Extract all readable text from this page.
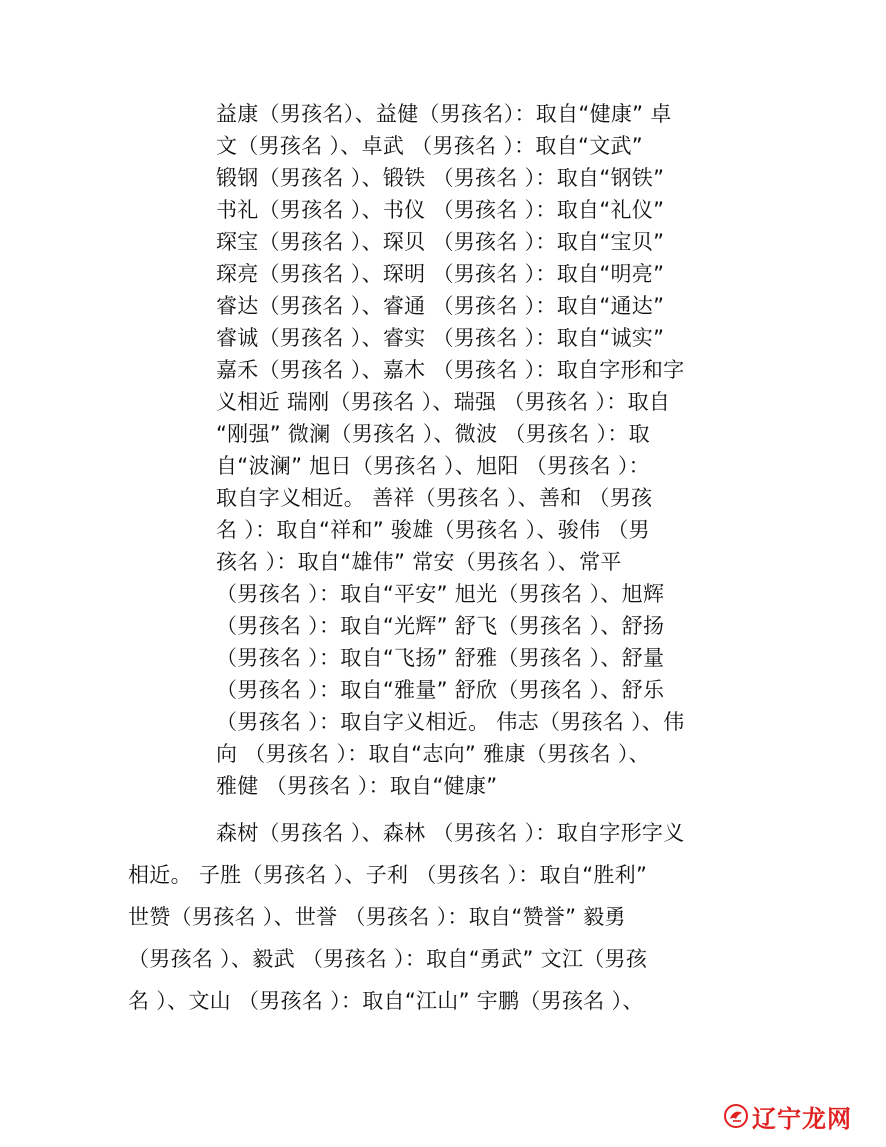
益康（男孩名）、益健（男孩名）：取自“健康” 卓
文（男孩名 ）、卓武 （男孩名 ）：取自“文武”
锻钢（男孩名 ）、锻铁 （男孩名 ）：取自“钢铁”
书礼（男孩名 ）、书仪 （男孩名 ）：取自“礼仪”
琛宝（男孩名 ）、琛贝 （男孩名 ）：取自“宝贝”
琛亮（男孩名 ）、琛明 （男孩名 ）：取自“明亮”
睿达（男孩名 ）、睿通 （男孩名 ）：取自“通达”
睿诚（男孩名 ）、睿实 （男孩名 ）：取自“诚实”
嘉禾（男孩名 ）、嘉木 （男孩名 ）：取自字形和字
义相近 瑞刚（男孩名 ）、瑞强 （男孩名 ）：取自
“刚强” 微澜（男孩名 ）、微波 （男孩名 ）：取
自“波澜” 旭日（男孩名 ）、旭阳 （男孩名 ）：
取自字义相近。 善祥（男孩名 ）、善和 （男孩
名 ）：取自“祥和” 骏雄（男孩名 ）、骏伟 （男
孩名 ）：取自“雄伟” 常安（男孩名 ）、常平
（男孩名 ）：取自“平安” 旭光（男孩名 ）、旭辉
（男孩名 ）：取自“光辉” 舒飞（男孩名 ）、舒扬
（男孩名 ）：取自“飞扬” 舒雅（男孩名 ）、舒量
（男孩名 ）：取自“雅量” 舒欣（男孩名 ）、舒乐
（男孩名 ）：取自字义相近。 伟志（男孩名 ）、伟
向 （男孩名 ）：取自“志向” 雅康（男孩名 ）、
雅健 （男孩名 ）：取自“健康”
森树（男孩名 ）、森林 （男孩名 ）：取自字形字义
相近。 子胜（男孩名 ）、子利 （男孩名 ）：取自“胜利”
世赞（男孩名 ）、世誉 （男孩名 ）：取自“赞誉” 毅勇
（男孩名 ）、毅武 （男孩名 ）：取自“勇武” 文江（男孩
名 ）、文山 （男孩名 ）：取自“江山” 宇鹏（男孩名 ）、
辽宁龙网
